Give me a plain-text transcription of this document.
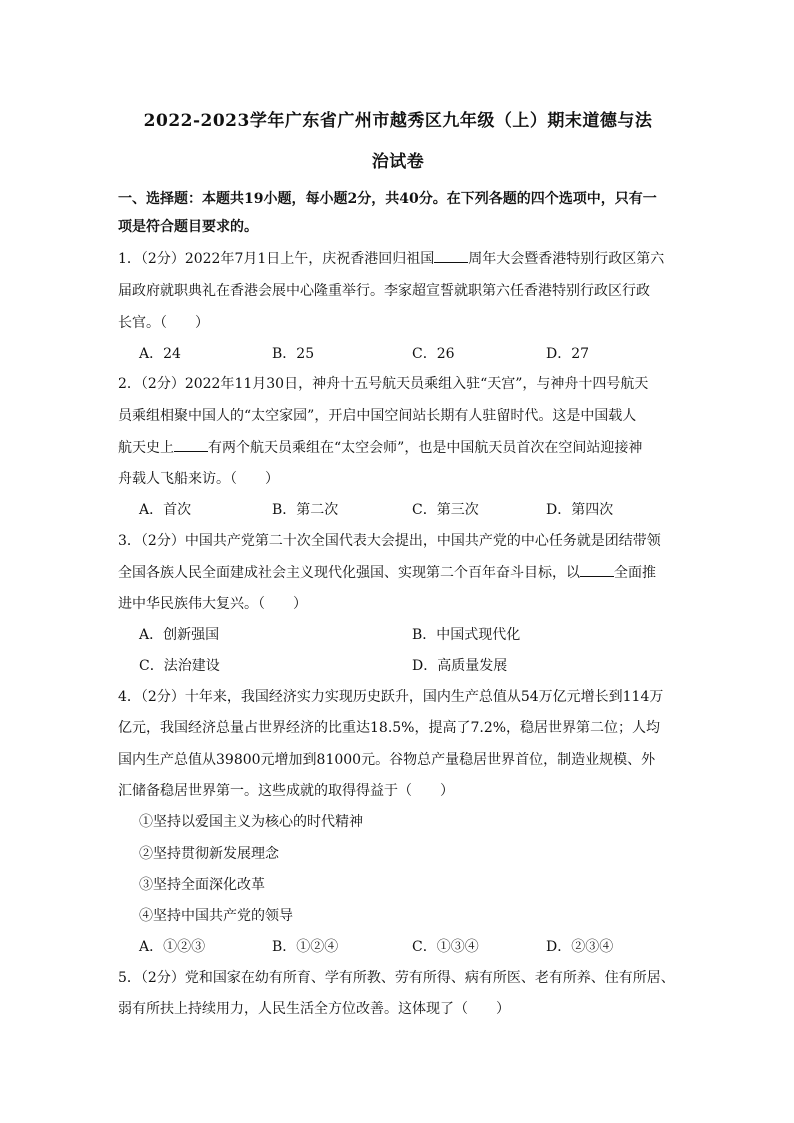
2022-2023学年广东省广州市越秀区九年级（上）期末道德与法
治试卷
一、选择题：本题共19小题，每小题2分，共40分。在下列各题的四个选项中，只有一
项是符合题目要求的。
1．（2分）2022年7月1日上午，庆祝香港回归祖国 周年大会暨香港特别行政区第六
届政府就职典礼在香港会展中心隆重举行。李家超宣誓就职第六任香港特别行政区行政
长官。（　　）
A．24	B．25	C．26	D．27
2．（2分）2022年11月30日，神舟十五号航天员乘组入驻“天宫”，与神舟十四号航天
员乘组相聚中国人的“太空家园”，开启中国空间站长期有人驻留时代。这是中国载人
航天史上 有两个航天员乘组在“太空会师”，也是中国航天员首次在空间站迎接神
舟载人飞船来访。（　　）
A．首次	B．第二次	C．第三次	D．第四次
3．（2分）中国共产党第二十次全国代表大会提出，中国共产党的中心任务就是团结带领
全国各族人民全面建成社会主义现代化强国、实现第二个百年奋斗目标，以 全面推
进中华民族伟大复兴。（　　）
A．创新强国	B．中国式现代化
C．法治建设	D．高质量发展
4．（2分）十年来，我国经济实力实现历史跃升，国内生产总值从54万亿元增长到114万
亿元，我国经济总量占世界经济的比重达18.5%，提高了7.2%，稳居世界第二位；人均
国内生产总值从39800元增加到81000元。谷物总产量稳居世界首位，制造业规模、外
汇储备稳居世界第一。这些成就的取得得益于（　　）
①坚持以爱国主义为核心的时代精神
②坚持贯彻新发展理念
③坚持全面深化改革
④坚持中国共产党的领导
A．①②③	B．①②④	C．①③④	D．②③④
5．（2分）党和国家在幼有所育、学有所教、劳有所得、病有所医、老有所养、住有所居、
弱有所扶上持续用力，人民生活全方位改善。这体现了（　　）
